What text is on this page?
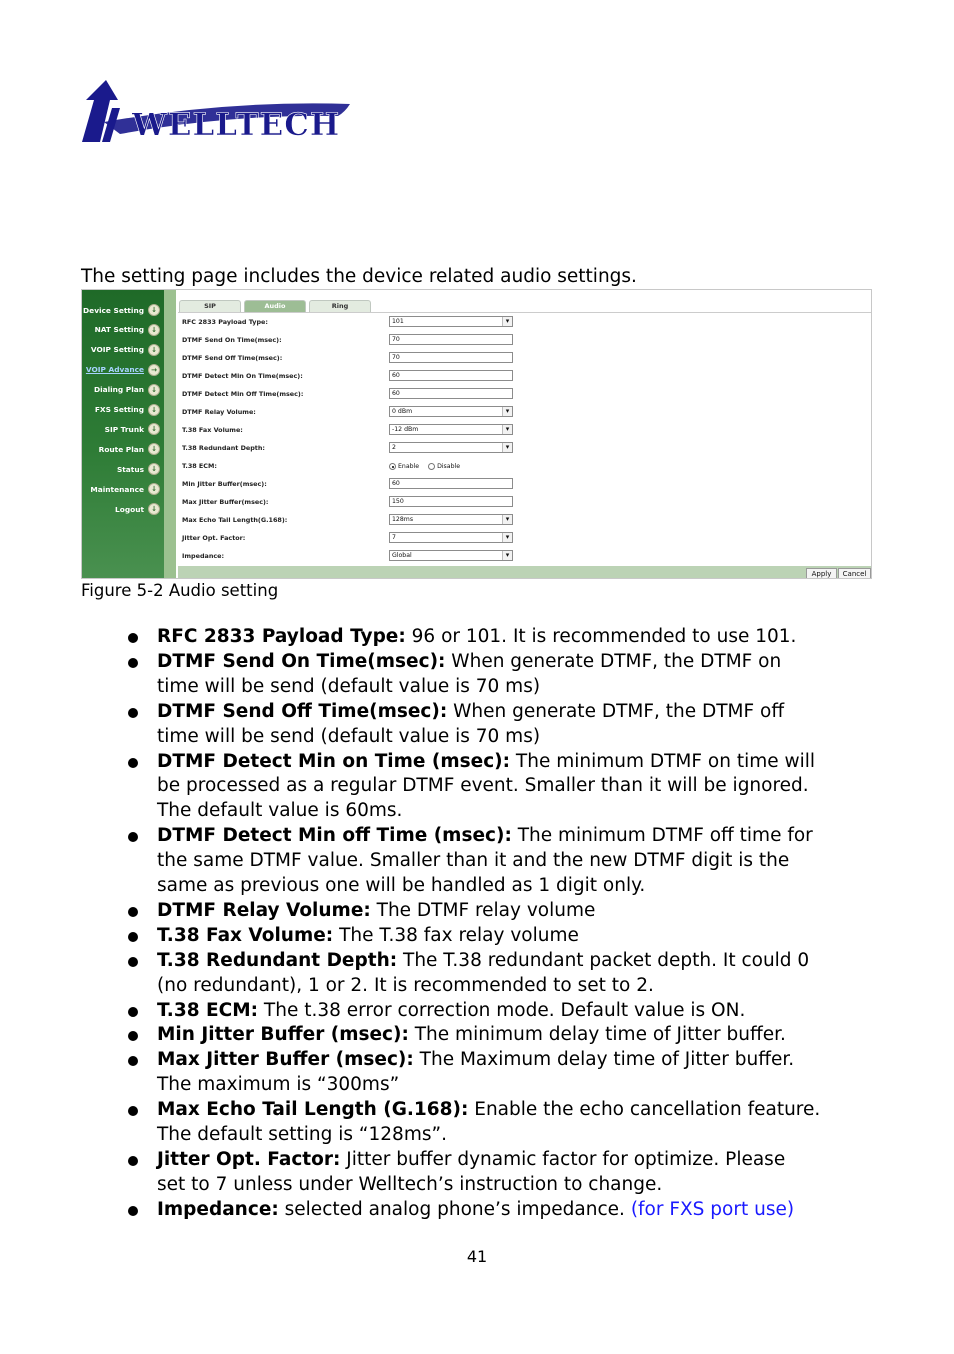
WELLTECH
The setting page includes the device related audio settings.
Device Setting	↓
NAT Setting	↓
VOIP Setting	↓
VOIP Advance	→
Dialing Plan	↓
FXS Setting	↓
SIP Trunk	↓
Route Plan	↓
Status	↓
Maintenance	↓
Logout	↓
SIP	Audio	Ring
RFC 2833 Payload Type:	101 ▾
DTMF Send On Time(msec):	70
DTMF Send Off Time(msec):	70
DTMF Detect Min On Time(msec):	60
DTMF Detect Min Off Time(msec):	60
DTMF Relay Volume:	0 dBm ▾
T.38 Fax Volume:	-12 dBm ▾
T.38 Redundant Depth:	2 ▾
T.38 ECM:	Enable	Disable
Min Jitter Buffer(msec):	60
Max Jitter Buffer(msec):	150
Max Echo Tail Length(G.168):	128ms ▾
Jitter Opt. Factor:	7 ▾
Impedance:	Global ▾
Apply	Cancel
Figure 5-2 Audio setting
RFC 2833 Payload Type: 96 or 101. It is recommended to use 101.
DTMF Send On Time(msec): When generate DTMF, the DTMF on
time will be send (default value is 70 ms)
DTMF Send Off Time(msec): When generate DTMF, the DTMF off
time will be send (default value is 70 ms)
DTMF Detect Min on Time (msec): The minimum DTMF on time will
be processed as a regular DTMF event. Smaller than it will be ignored.
The default value is 60ms.
DTMF Detect Min off Time (msec): The minimum DTMF off time for
the same DTMF value. Smaller than it and the new DTMF digit is the
same as previous one will be handled as 1 digit only.
DTMF Relay Volume: The DTMF relay volume
T.38 Fax Volume: The T.38 fax relay volume
T.38 Redundant Depth: The T.38 redundant packet depth. It could 0
(no redundant), 1 or 2. It is recommended to set to 2.
T.38 ECM: The t.38 error correction mode. Default value is ON.
Min Jitter Buffer (msec): The minimum delay time of Jitter buffer.
Max Jitter Buffer (msec): The Maximum delay time of Jitter buffer.
The maximum is “300ms”
Max Echo Tail Length (G.168): Enable the echo cancellation feature.
The default setting is “128ms”.
Jitter Opt. Factor: Jitter buffer dynamic factor for optimize. Please
set to 7 unless under Welltech’s instruction to change.
Impedance: selected analog phone’s impedance. (for FXS port use)
41
